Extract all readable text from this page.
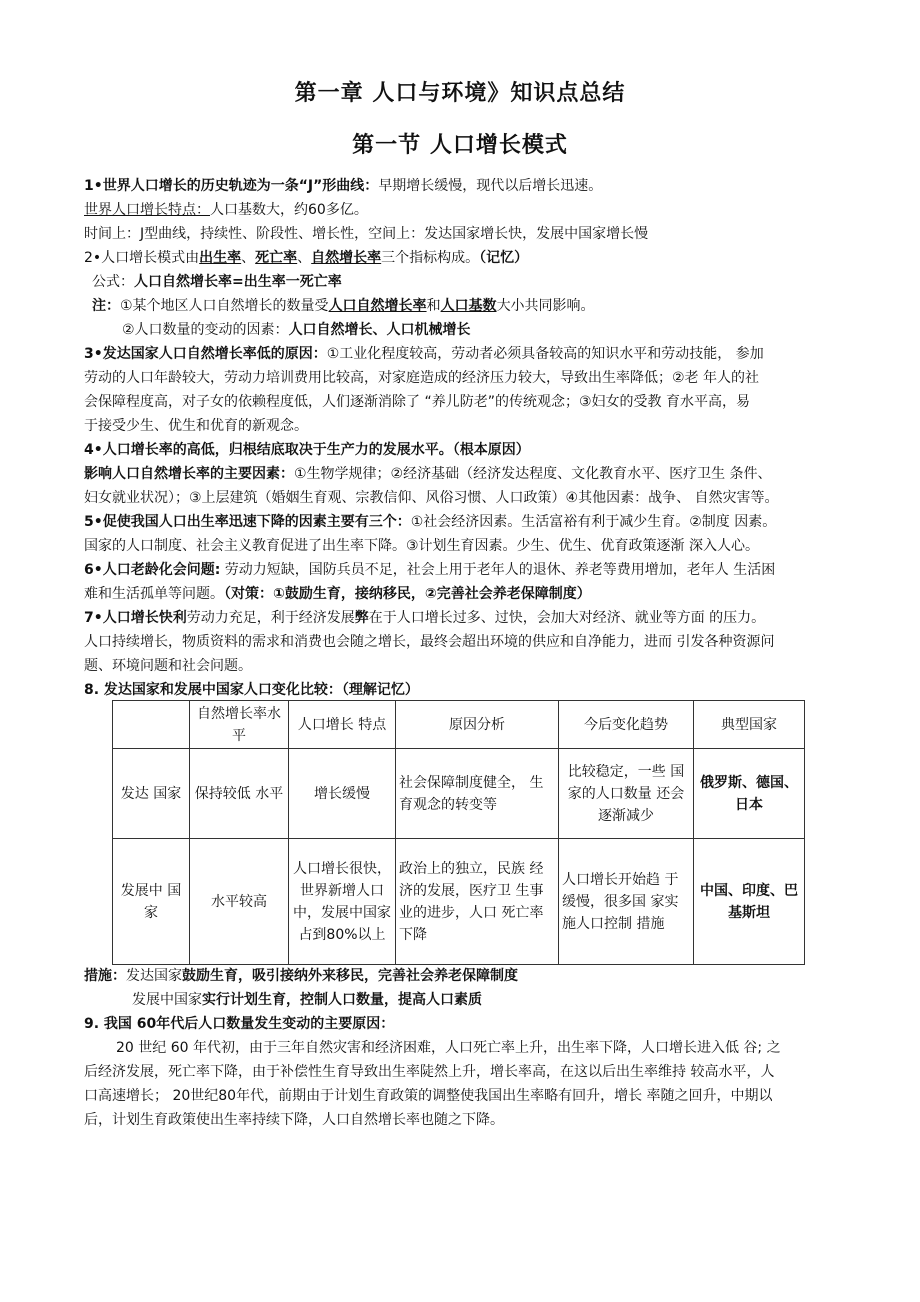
第一章 人口与环境》知识点总结
第一节 人口增长模式
1•世界人口增长的历史轨迹为一条“J”形曲线：早期增长缓慢，现代以后增长迅速。
世界人口增长特点：人口基数大，约60多亿。
时间上：J型曲线，持续性、阶段性、增长性，空间上：发达国家增长快，发展中国家增长慢
2•人口增长模式由出生率、死亡率、自然增长率三个指标构成。（记忆）
公式：人口自然增长率=出生率一死亡率
注：①某个地区人口自然增长的数量受人口自然增长率和人口基数大小共同影响。
②人口数量的变动的因素：人口自然增长、人口机械增长
3•发达国家人口自然增长率低的原因：①工业化程度较高，劳动者必须具备较高的知识水平和劳动技能， 参加
劳动的人口年龄较大，劳动力培训费用比较高，对家庭造成的经济压力较大，导致出生率降低；②老 年人的社
会保障程度高，对子女的依赖程度低，人们逐渐消除了 “养儿防老”的传统观念；③妇女的受教 育水平高，易
于接受少生、优生和优育的新观念。
4•人口增长率的高低，归根结底取决于生产力的发展水平。（根本原因）
影响人口自然增长率的主要因素：①生物学规律；②经济基础（经济发达程度、文化教育水平、医疗卫生 条件、
妇女就业状况）；③上层建筑（婚姻生育观、宗教信仰、风俗习惯、人口政策）④其他因素：战争、 自然灾害等。
5•促使我国人口出生率迅速下降的因素主要有三个：①社会经济因素。生活富裕有利于减少生育。②制度 因素。
国家的人口制度、社会主义教育促进了出生率下降。③计划生育因素。少生、优生、优育政策逐渐 深入人心。
6•人口老龄化会问题: 劳动力短缺，国防兵员不足，社会上用于老年人的退休、养老等费用增加，老年人 生活困
难和生活孤单等问题。（对策：①鼓励生育，接纳移民，②完善社会养老保障制度）
7•人口增长快利劳动力充足，利于经济发展弊在于人口增长过多、过快，会加大对经济、就业等方面 的压力。
人口持续增长，物质资料的需求和消费也会随之增长，最终会超出环境的供应和自净能力，进而 引发各种资源问
题、环境问题和社会问题。
8. 发达国家和发展中国家人口变化比较：（理解记忆）
	自然增长率水平	人口增长 特点	原因分析	今后变化趋势	典型国家
发达 国家	保持较低 水平	增长缓慢	社会保障制度健全， 生育观念的转变等	比较稳定，一些 国家的人口数量 还会逐渐减少	俄罗斯、德国、日本
发展中 国家	水平较高	人口增长很快，世界新增人口中，发展中国家占到80%以上	政治上的独立，民族 经济的发展，医疗卫 生事业的进步，人口 死亡率下降	人口增长开始趋 于缓慢，很多国 家实施人口控制 措施	中国、印度、巴基斯坦
措施：发达国家鼓励生育，吸引接纳外来移民，完善社会养老保障制度
发展中国家实行计划生育，控制人口数量，提高人口素质
9. 我国 60年代后人口数量发生变动的主要原因：
20 世纪 60 年代初，由于三年自然灾害和经济困难，人口死亡率上升，出生率下降，人口增长进入低 谷; 之
后经济发展，死亡率下降，由于补偿性生育导致出生率陡然上升，增长率高，在这以后出生率维持 较高水平，人
口高速增长； 20世纪80年代，前期由于计划生育政策的调整使我国出生率略有回升，增长 率随之回升，中期以
后，计划生育政策使出生率持续下降，人口自然增长率也随之下降。
